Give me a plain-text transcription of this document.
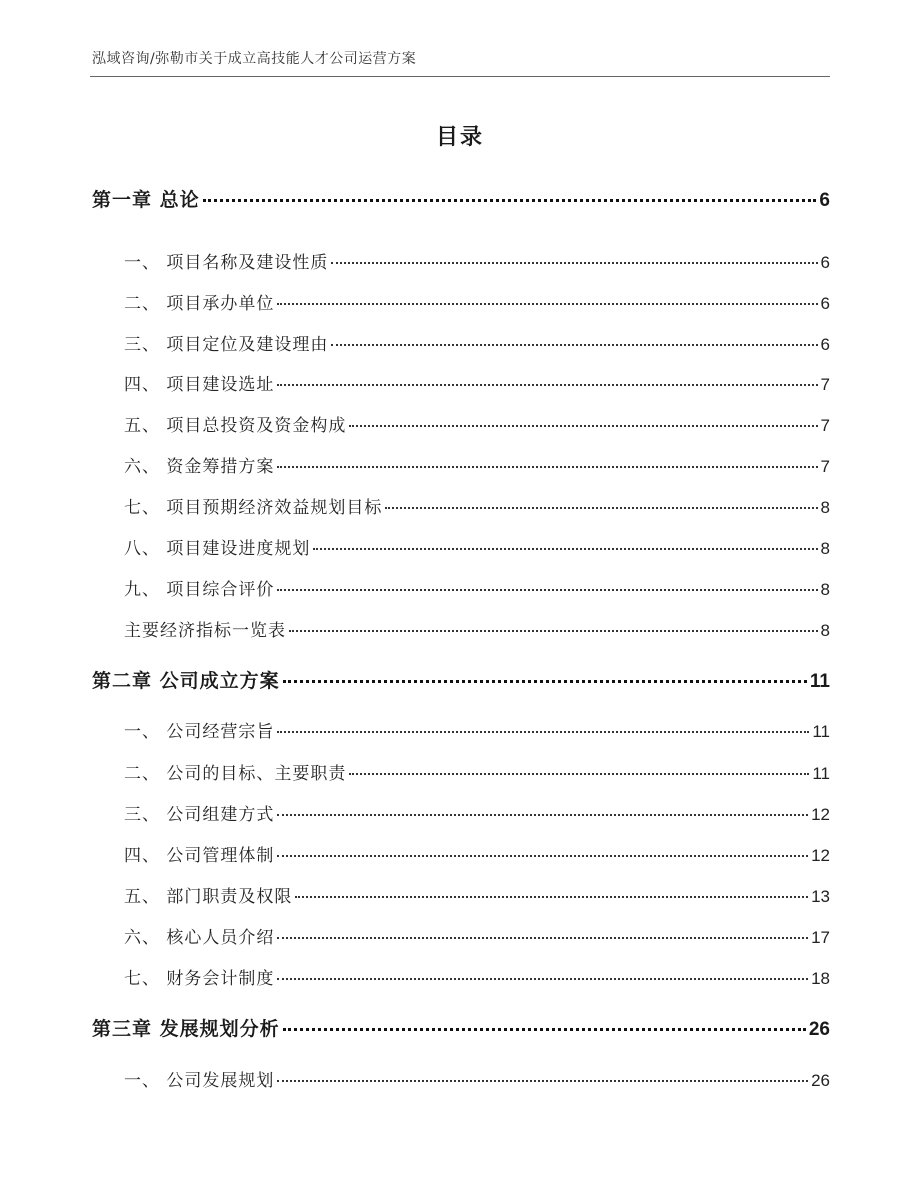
泓域咨询/弥勒市关于成立高技能人才公司运营方案
目录
第一章 总论	6
一、 项目名称及建设性质	6
二、 项目承办单位	6
三、 项目定位及建设理由	6
四、 项目建设选址	7
五、 项目总投资及资金构成	7
六、 资金筹措方案	7
七、 项目预期经济效益规划目标	8
八、 项目建设进度规划	8
九、 项目综合评价	8
主要经济指标一览表	8
第二章 公司成立方案	11
一、 公司经营宗旨	11
二、 公司的目标、主要职责	11
三、 公司组建方式	12
四、 公司管理体制	12
五、 部门职责及权限	13
六、 核心人员介绍	17
七、 财务会计制度	18
第三章 发展规划分析	26
一、 公司发展规划	26
